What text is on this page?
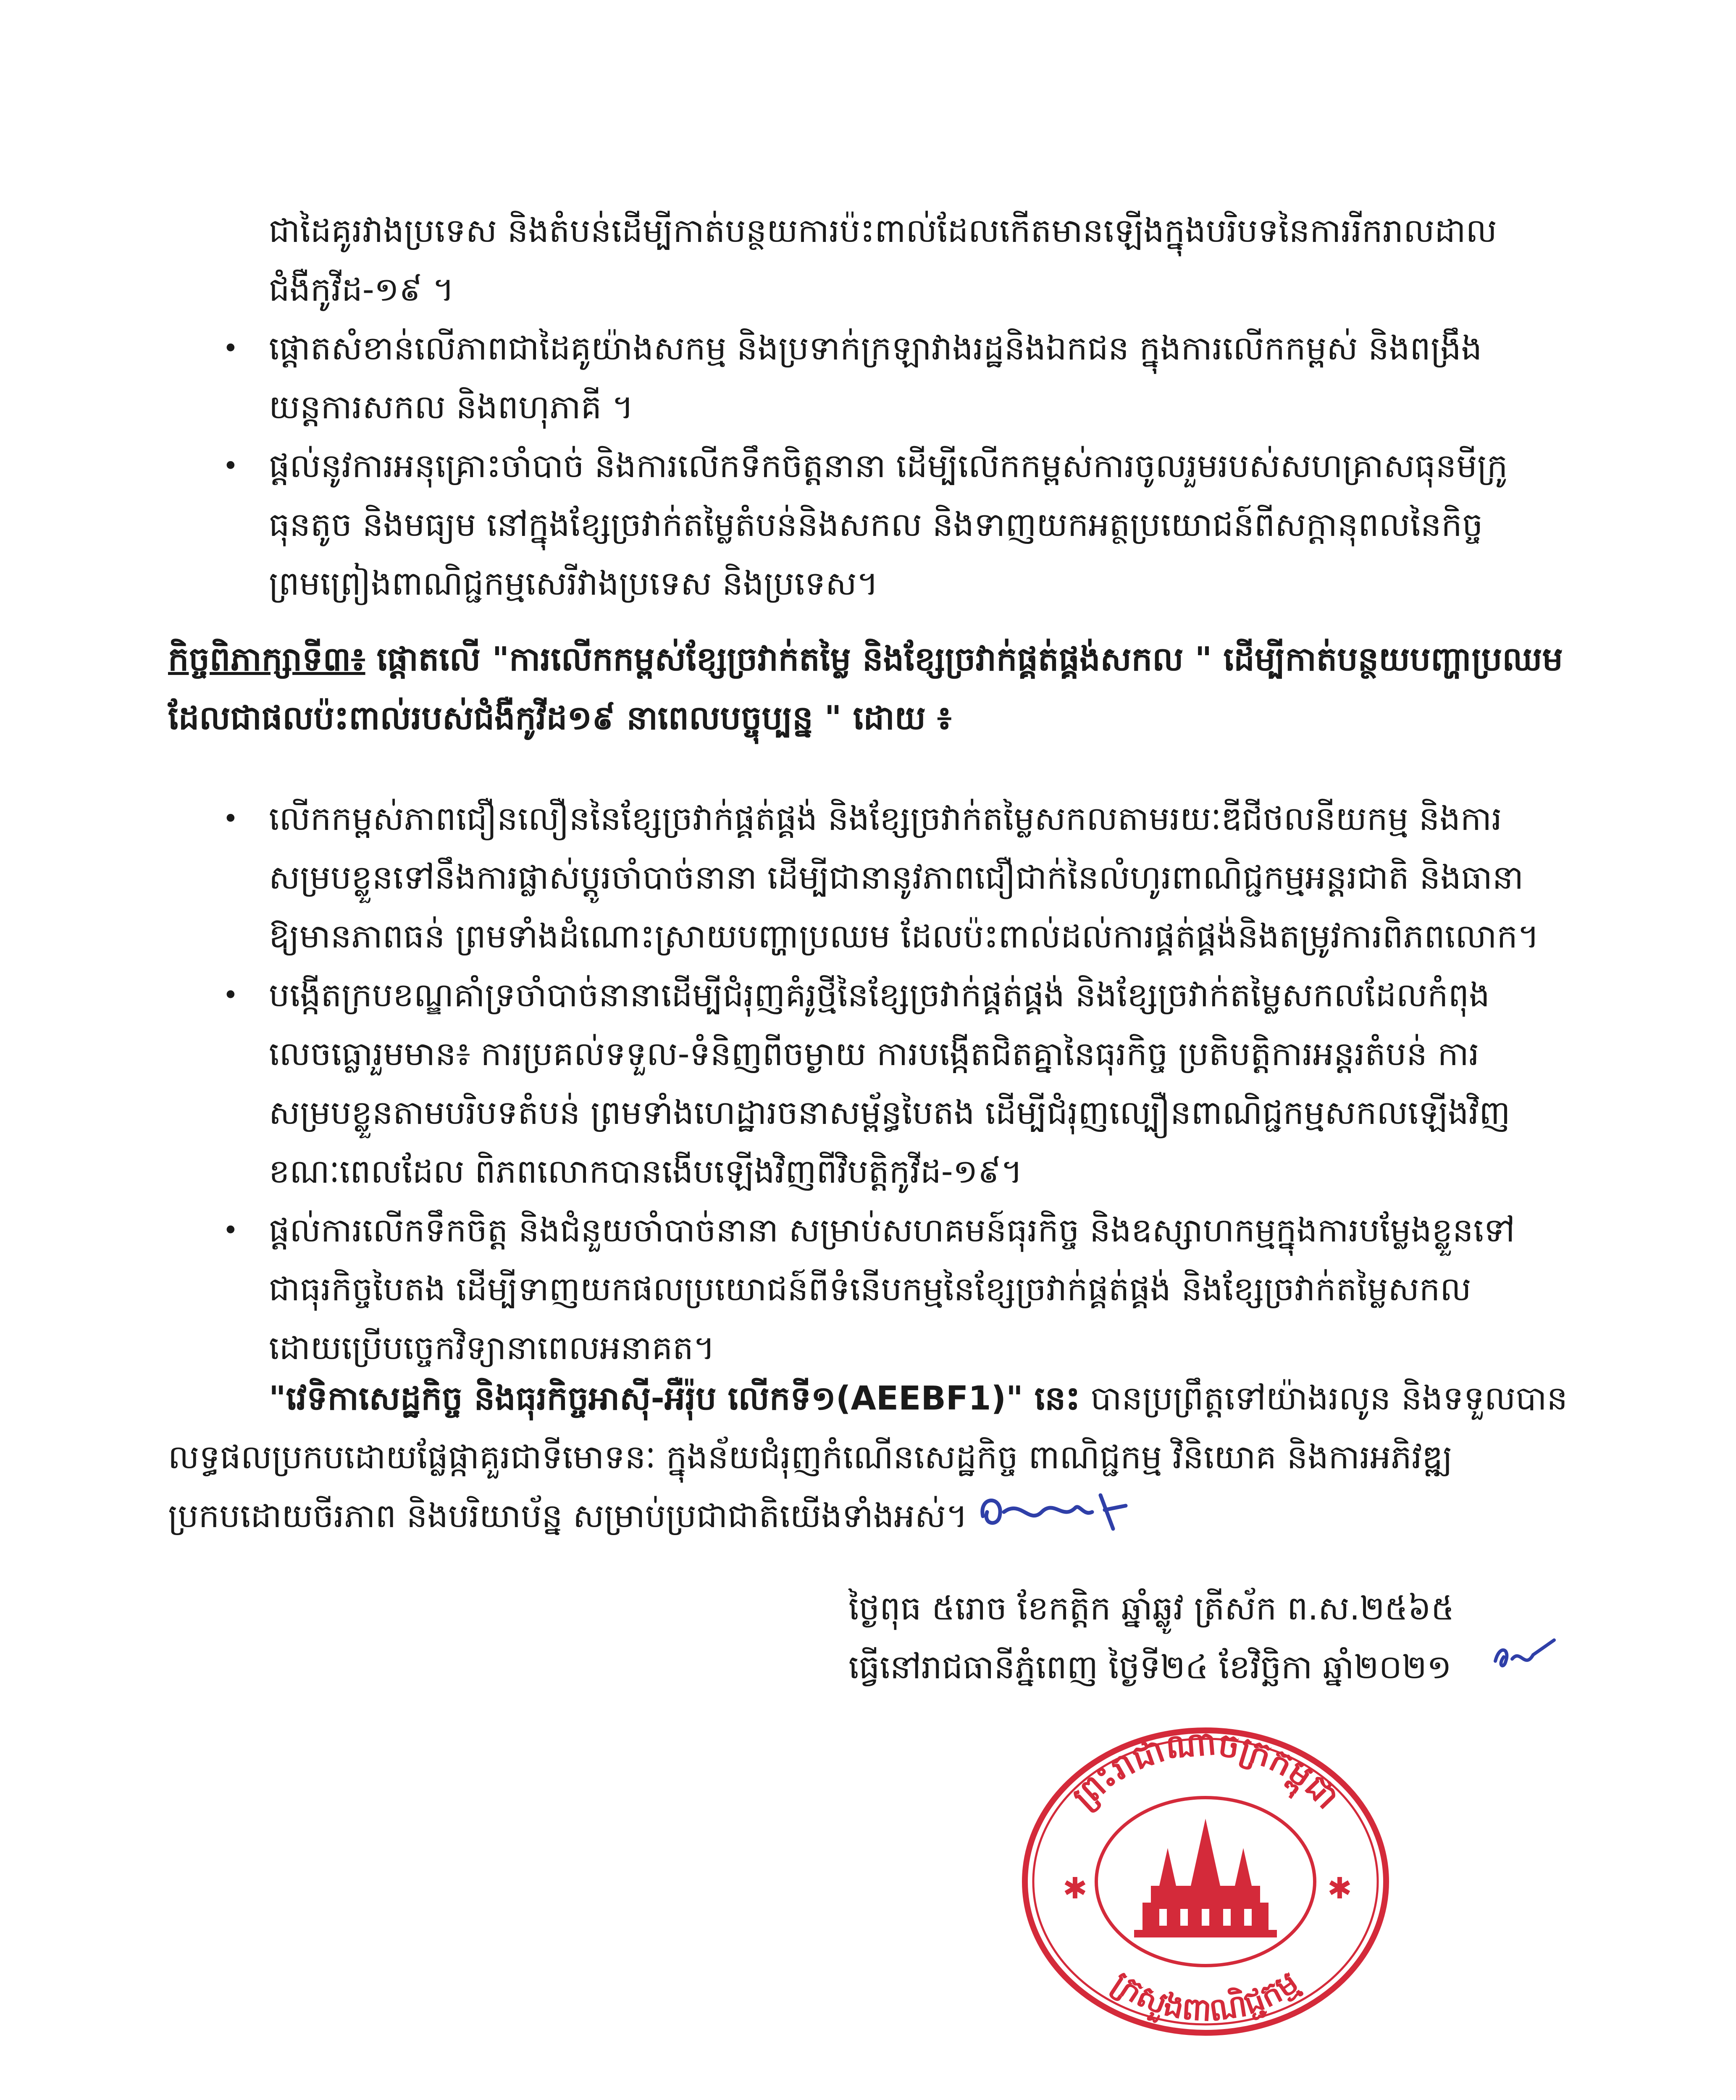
ជាដៃគូរវាងប្រទេស និងតំបន់ដើម្បីកាត់បន្ថយការប៉ះពាល់ដែលកើតមានឡើងក្នុងបរិបទនៃការរីករាលដាល
ជំងឺកូវីដ-១៩ ។
• ផ្តោតសំខាន់លើភាពជាដៃគូយ៉ាងសកម្ម និងប្រទាក់ក្រឡាវាងរដ្ឋនិងឯកជន ក្នុងការលើកកម្ពស់ និងពង្រឹង
យន្តការសកល និងពហុភាគី ។
• ផ្តល់នូវការអនុគ្រោះចាំបាច់ និងការលើកទឹកចិត្តនានា ដើម្បីលើកកម្ពស់ការចូលរួមរបស់សហគ្រាសធុនមីក្រូ
ធុនតូច និងមធ្យម នៅក្នុងខ្សែច្រវាក់តម្លៃតំបន់និងសកល និងទាញយកអត្ថប្រយោជន៍ពីសក្តានុពលនៃកិច្ច
ព្រមព្រៀងពាណិជ្ជកម្មសេរីវាងប្រទេស និងប្រទេស។
កិច្ចពិភាក្សាទី៣៖ ផ្តោតលើ "ការលើកកម្ពស់ខ្សែច្រវាក់តម្លៃ និងខ្សែច្រវាក់ផ្គត់ផ្គង់សកល " ដើម្បីកាត់បន្ថយបញ្ហាប្រឈម
ដែលជាផលប៉ះពាល់របស់ជំងឺកូវីដ១៩ នាពេលបច្ចុប្បន្ន " ដោយ ៖
• លើកកម្ពស់ភាពជឿនលឿននៃខ្សែច្រវាក់ផ្គត់ផ្គង់ និងខ្សែច្រវាក់តម្លៃសកលតាមរយៈឌីជីថលនីយកម្ម និងការ
សម្របខ្លួនទៅនឹងការផ្លាស់ប្តូរចាំបាច់នានា ដើម្បីជានានូវភាពជឿជាក់នៃលំហូរពាណិជ្ជកម្មអន្តរជាតិ និងធានា
ឱ្យមានភាពធន់ ព្រមទាំងដំណោះស្រាយបញ្ហាប្រឈម ដែលប៉ះពាល់ដល់ការផ្គត់ផ្គង់និងតម្រូវការពិភពលោក។
• បង្កើតក្របខណ្ឌគាំទ្រចាំបាច់នានាដើម្បីជំរុញគំរូថ្មីនៃខ្សែច្រវាក់ផ្គត់ផ្គង់ និងខ្សែច្រវាក់តម្លៃសកលដែលកំពុង
លេចធ្លោរួមមាន៖ ការប្រគល់ទទួល-ទំនិញពីចម្ងាយ ការបង្កើតជិតគ្នានៃធុរកិច្ច ប្រតិបត្តិការអន្តរតំបន់ ការ
សម្របខ្លួនតាមបរិបទតំបន់ ព្រមទាំងហេដ្ឋារចនាសម្ព័ន្ធបៃតង ដើម្បីជំរុញល្បឿនពាណិជ្ជកម្មសកលឡើងវិញ
ខណៈពេលដែល ពិភពលោកបានងើបឡើងវិញពីវិបត្តិកូវីដ-១៩។
• ផ្តល់ការលើកទឹកចិត្ត និងជំនួយចាំបាច់នានា សម្រាប់សហគមន៍ធុរកិច្ច និងឧស្សាហកម្មក្នុងការបម្លែងខ្លួនទៅ
ជាធុរកិច្ចបៃតង ដើម្បីទាញយកផលប្រយោជន៍ពីទំនើបកម្មនៃខ្សែច្រវាក់ផ្គត់ផ្គង់ និងខ្សែច្រវាក់តម្លៃសកល
ដោយប្រើបច្ចេកវិទ្យានាពេលអនាគត។
"វេទិកាសេដ្ឋកិច្ច និងធុរកិច្ចអាស៊ី-អឺរ៉ុប លើកទី១(AEEBF1)" នេះ បានប្រព្រឹត្តទៅយ៉ាងរលូន និងទទួលបាន
លទ្ធផលប្រកបដោយផ្លែផ្កាគួរជាទីមោទនៈ ក្នុងន័យជំរុញកំណើនសេដ្ឋកិច្ច ពាណិជ្ជកម្ម វិនិយោគ និងការអភិវឌ្ឍ
ប្រកបដោយចីរភាព និងបរិយាប័ន្ន សម្រាប់ប្រជាជាតិយើងទាំងអស់។
ថ្ងៃពុធ ៥រោច ខែកត្តិក ឆ្នាំឆ្លូវ ត្រីស័ក ព.ស.២៥៦៥
ធ្វើនៅរាជធានីភ្នំពេញ ថ្ងៃទី២៤ ខែវិច្ឆិកា ឆ្នាំ២០២១
✱	✱
ព្រះរាជាណាចក្រកម្ពុជា
ក្រសួងពាណិជ្ជកម្ម
